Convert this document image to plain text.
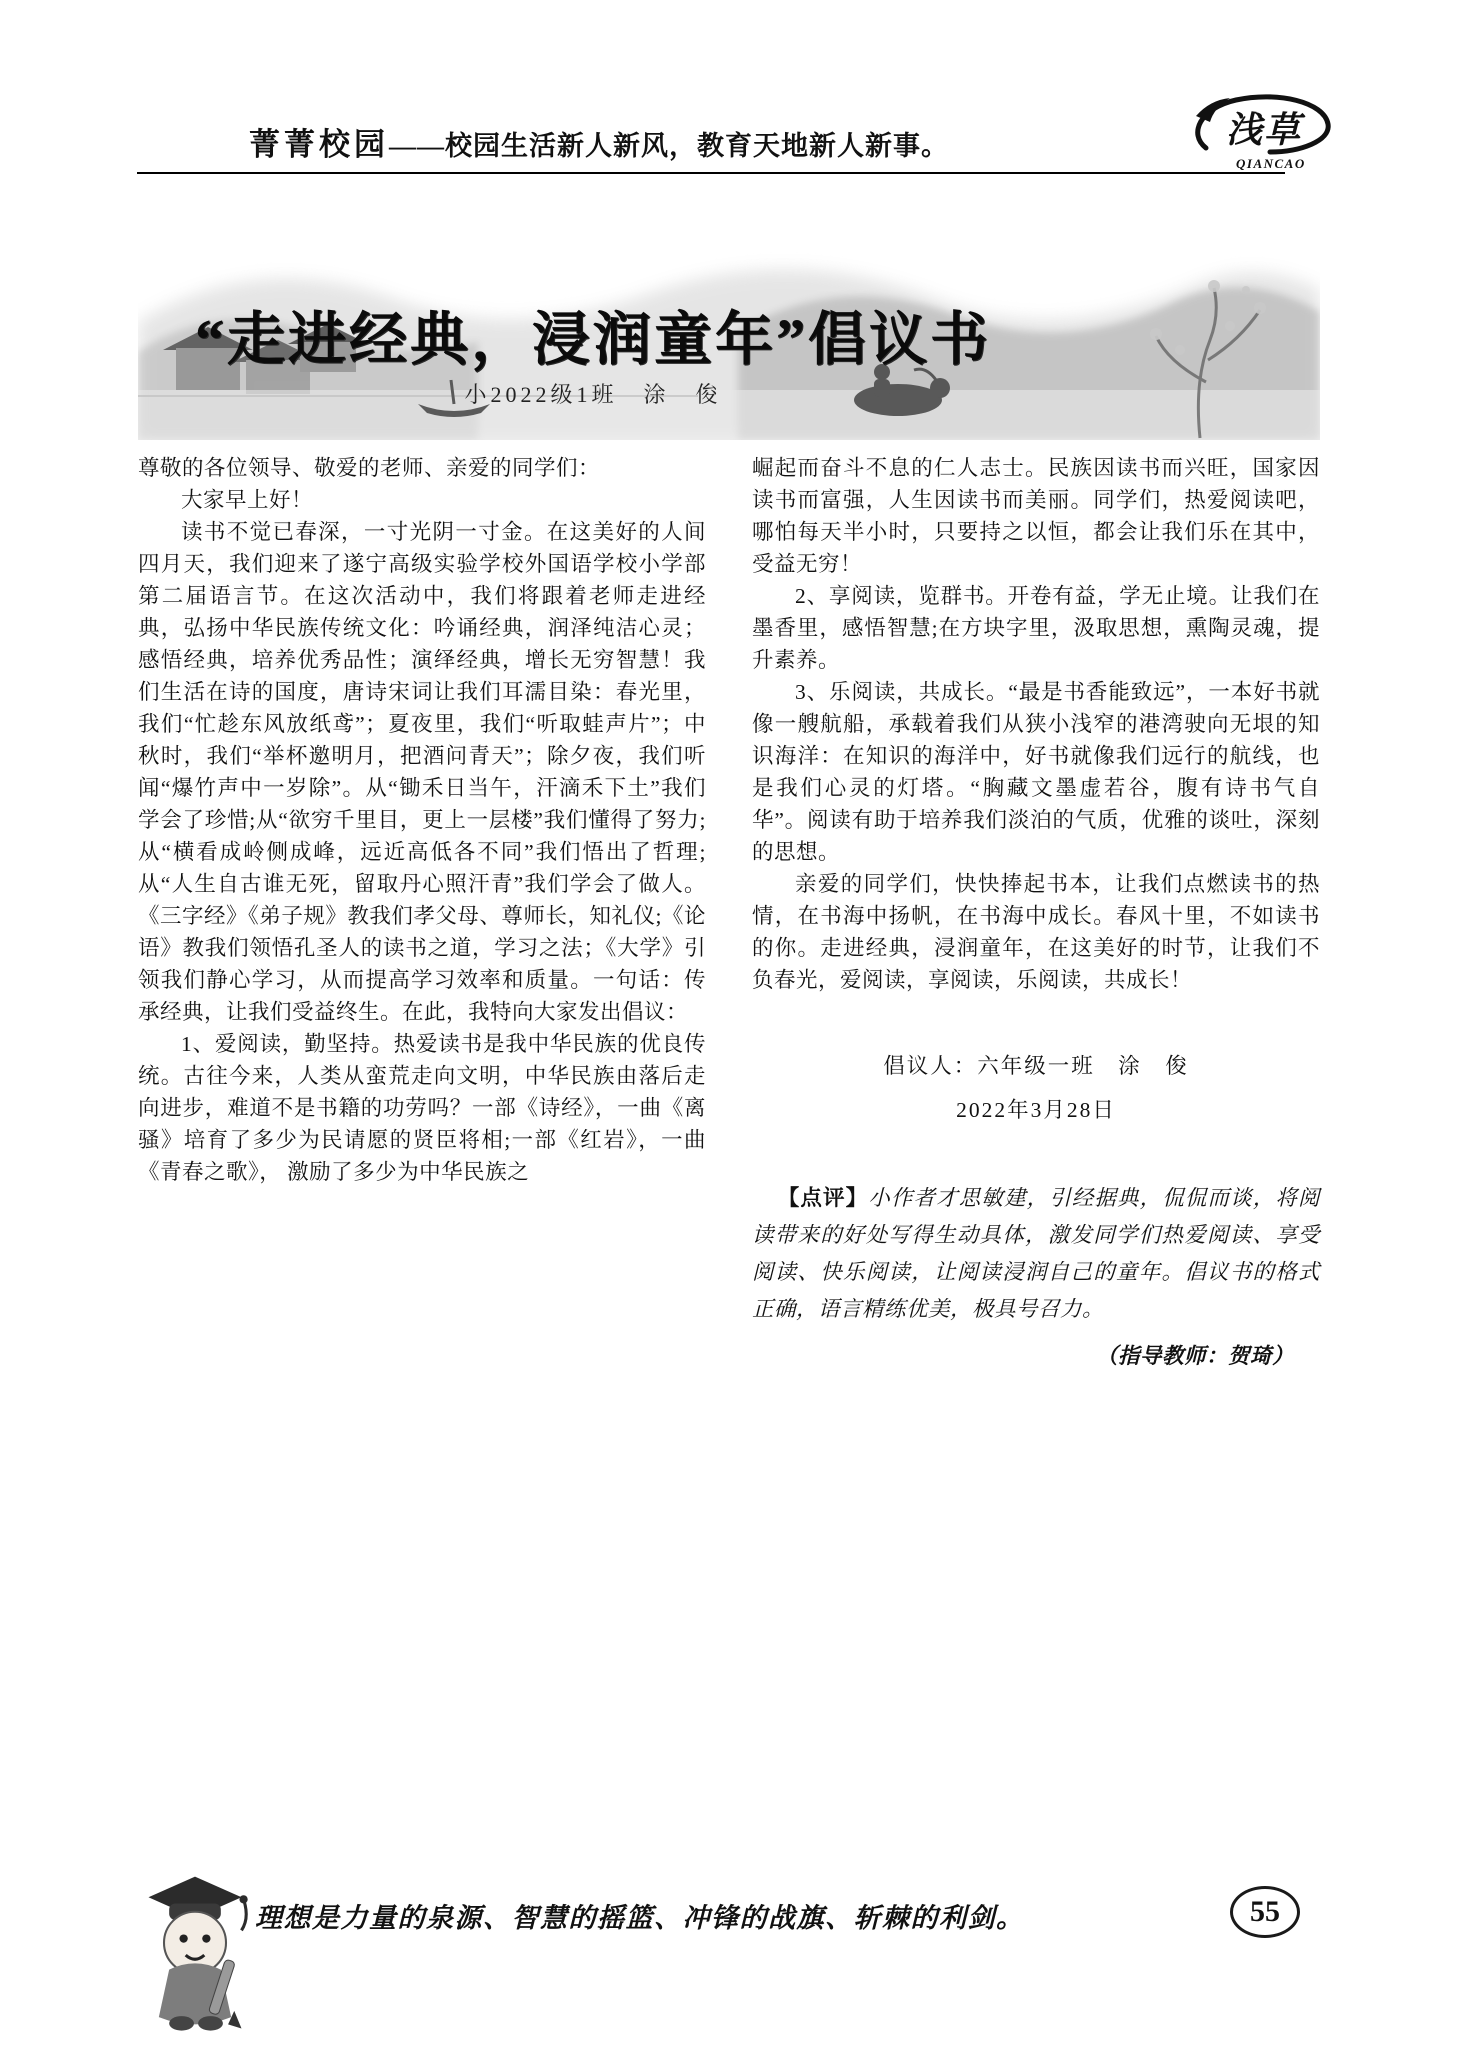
菁菁校园——校园生活新人新风，教育天地新人新事。	浅草
QIANCAO
“走进经典，浸润童年”倡议书
小2022级1班　涂　俊

尊敬的各位领导、敬爱的老师、亲爱的同学们：

大家早上好！

读书不觉已春深，一寸光阴一寸金。在这美好的人间四月天，我们迎来了遂宁高级实验学校外国语学校小学部第二届语言节。在这次活动中，我们将跟着老师走进经典，弘扬中华民族传统文化：吟诵经典，润泽纯洁心灵；感悟经典，培养优秀品性；演绎经典，增长无穷智慧！我们生活在诗的国度，唐诗宋词让我们耳濡目染：春光里，我们“忙趁东风放纸鸢”；夏夜里，我们“听取蛙声片”；中秋时，我们“举杯邀明月，把酒问青天”；除夕夜，我们听闻“爆竹声中一岁除”。从“锄禾日当午，汗滴禾下土”我们学会了珍惜;从“欲穷千里目，更上一层楼”我们懂得了努力;从“横看成岭侧成峰，远近高低各不同”我们悟出了哲理;从“人生自古谁无死，留取丹心照汗青”我们学会了做人。《三字经》《弟子规》教我们孝父母、尊师长，知礼仪;《论语》教我们领悟孔圣人的读书之道，学习之法；《大学》引领我们静心学习，从而提高学习效率和质量。一句话：传承经典，让我们受益终生。在此，我特向大家发出倡议：

1、爱阅读，勤坚持。热爱读书是我中华民族的优良传统。古往今来，人类从蛮荒走向文明，中华民族由落后走向进步，难道不是书籍的功劳吗？一部《诗经》，一曲《离骚》培育了多少为民请愿的贤臣将相;一部《红岩》，一曲《青春之歌》， 激励了多少为中华民族之

崛起而奋斗不息的仁人志士。民族因读书而兴旺，国家因读书而富强，人生因读书而美丽。同学们，热爱阅读吧，哪怕每天半小时，只要持之以恒，都会让我们乐在其中，受益无穷！

2、享阅读，览群书。开卷有益，学无止境。让我们在墨香里，感悟智慧;在方块字里，汲取思想，熏陶灵魂，提升素养。

3、乐阅读，共成长。“最是书香能致远”，一本好书就像一艘航船，承载着我们从狭小浅窄的港湾驶向无垠的知识海洋：在知识的海洋中，好书就像我们远行的航线，也是我们心灵的灯塔。“胸藏文墨虚若谷，腹有诗书气自华”。阅读有助于培养我们淡泊的气质，优雅的谈吐，深刻的思想。

亲爱的同学们，快快捧起书本，让我们点燃读书的热情，在书海中扬帆，在书海中成长。春风十里，不如读书的你。走进经典，浸润童年，在这美好的时节，让我们不负春光，爱阅读，享阅读，乐阅读，共成长！

倡议人：六年级一班　涂　俊

2022年3月28日

【点评】小作者才思敏建，引经据典，侃侃而谈，将阅读带来的好处写得生动具体，激发同学们热爱阅读、享受阅读、快乐阅读，让阅读浸润自己的童年。倡议书的格式正确，语言精练优美，极具号召力。

（指导教师：贺琦）

理想是力量的泉源、智慧的摇篮、冲锋的战旗、斩棘的利剑。	55
